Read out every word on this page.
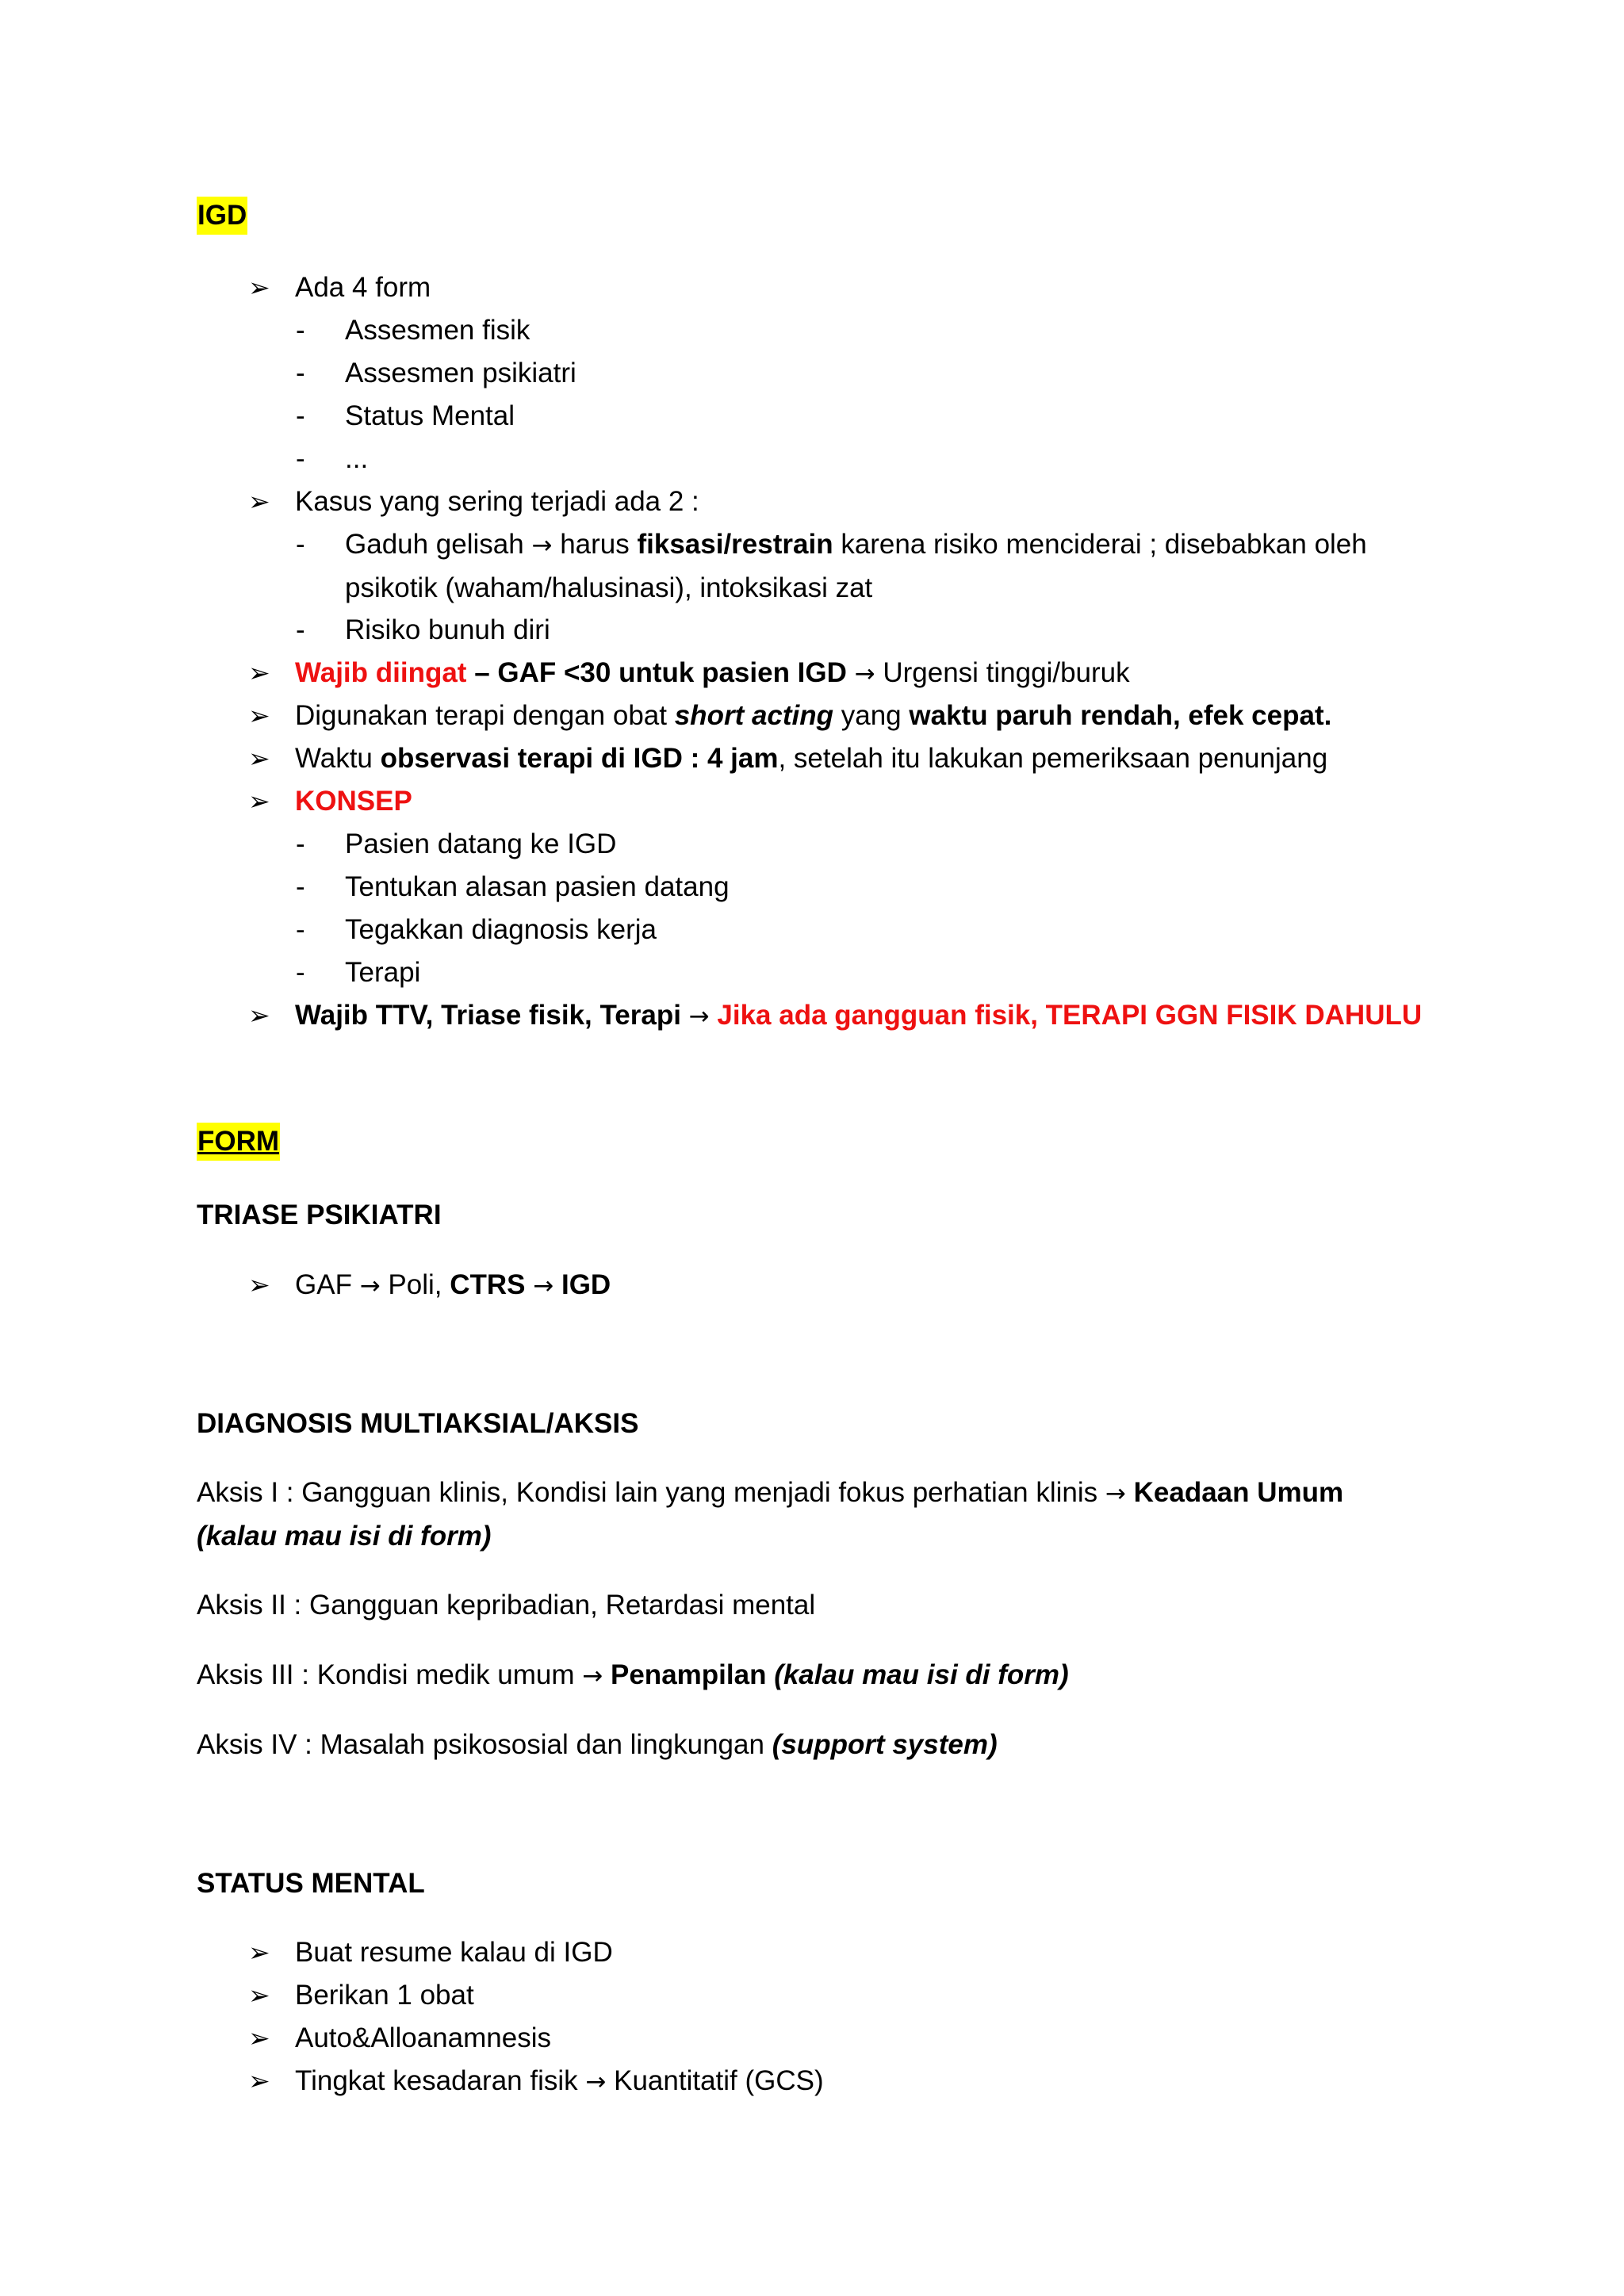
IGD
➢ Ada 4 form
- Assesmen fisik
- Assesmen psikiatri
- Status Mental
- ...
➢ Kasus yang sering terjadi ada 2 :
- Gaduh gelisah → harus fiksasi/restrain karena risiko menciderai ; disebabkan oleh psikotik (waham/halusinasi), intoksikasi zat
- Risiko bunuh diri
➢ Wajib diingat – GAF <30 untuk pasien IGD → Urgensi tinggi/buruk
➢ Digunakan terapi dengan obat short acting yang waktu paruh rendah, efek cepat.
➢ Waktu observasi terapi di IGD : 4 jam, setelah itu lakukan pemeriksaan penunjang
➢ KONSEP
- Pasien datang ke IGD
- Tentukan alasan pasien datang
- Tegakkan diagnosis kerja
- Terapi
➢ Wajib TTV, Triase fisik, Terapi → Jika ada gangguan fisik, TERAPI GGN FISIK DAHULU
FORM
TRIASE PSIKIATRI
➢ GAF → Poli, CTRS → IGD
DIAGNOSIS MULTIAKSIAL/AKSIS
Aksis I : Gangguan klinis, Kondisi lain yang menjadi fokus perhatian klinis → Keadaan Umum (kalau mau isi di form)
Aksis II : Gangguan kepribadian, Retardasi mental
Aksis III : Kondisi medik umum → Penampilan (kalau mau isi di form)
Aksis IV : Masalah psikososial dan lingkungan (support system)
STATUS MENTAL
➢ Buat resume kalau di IGD
➢ Berikan 1 obat
➢ Auto&Alloanamnesis
➢ Tingkat kesadaran fisik → Kuantitatif (GCS)
